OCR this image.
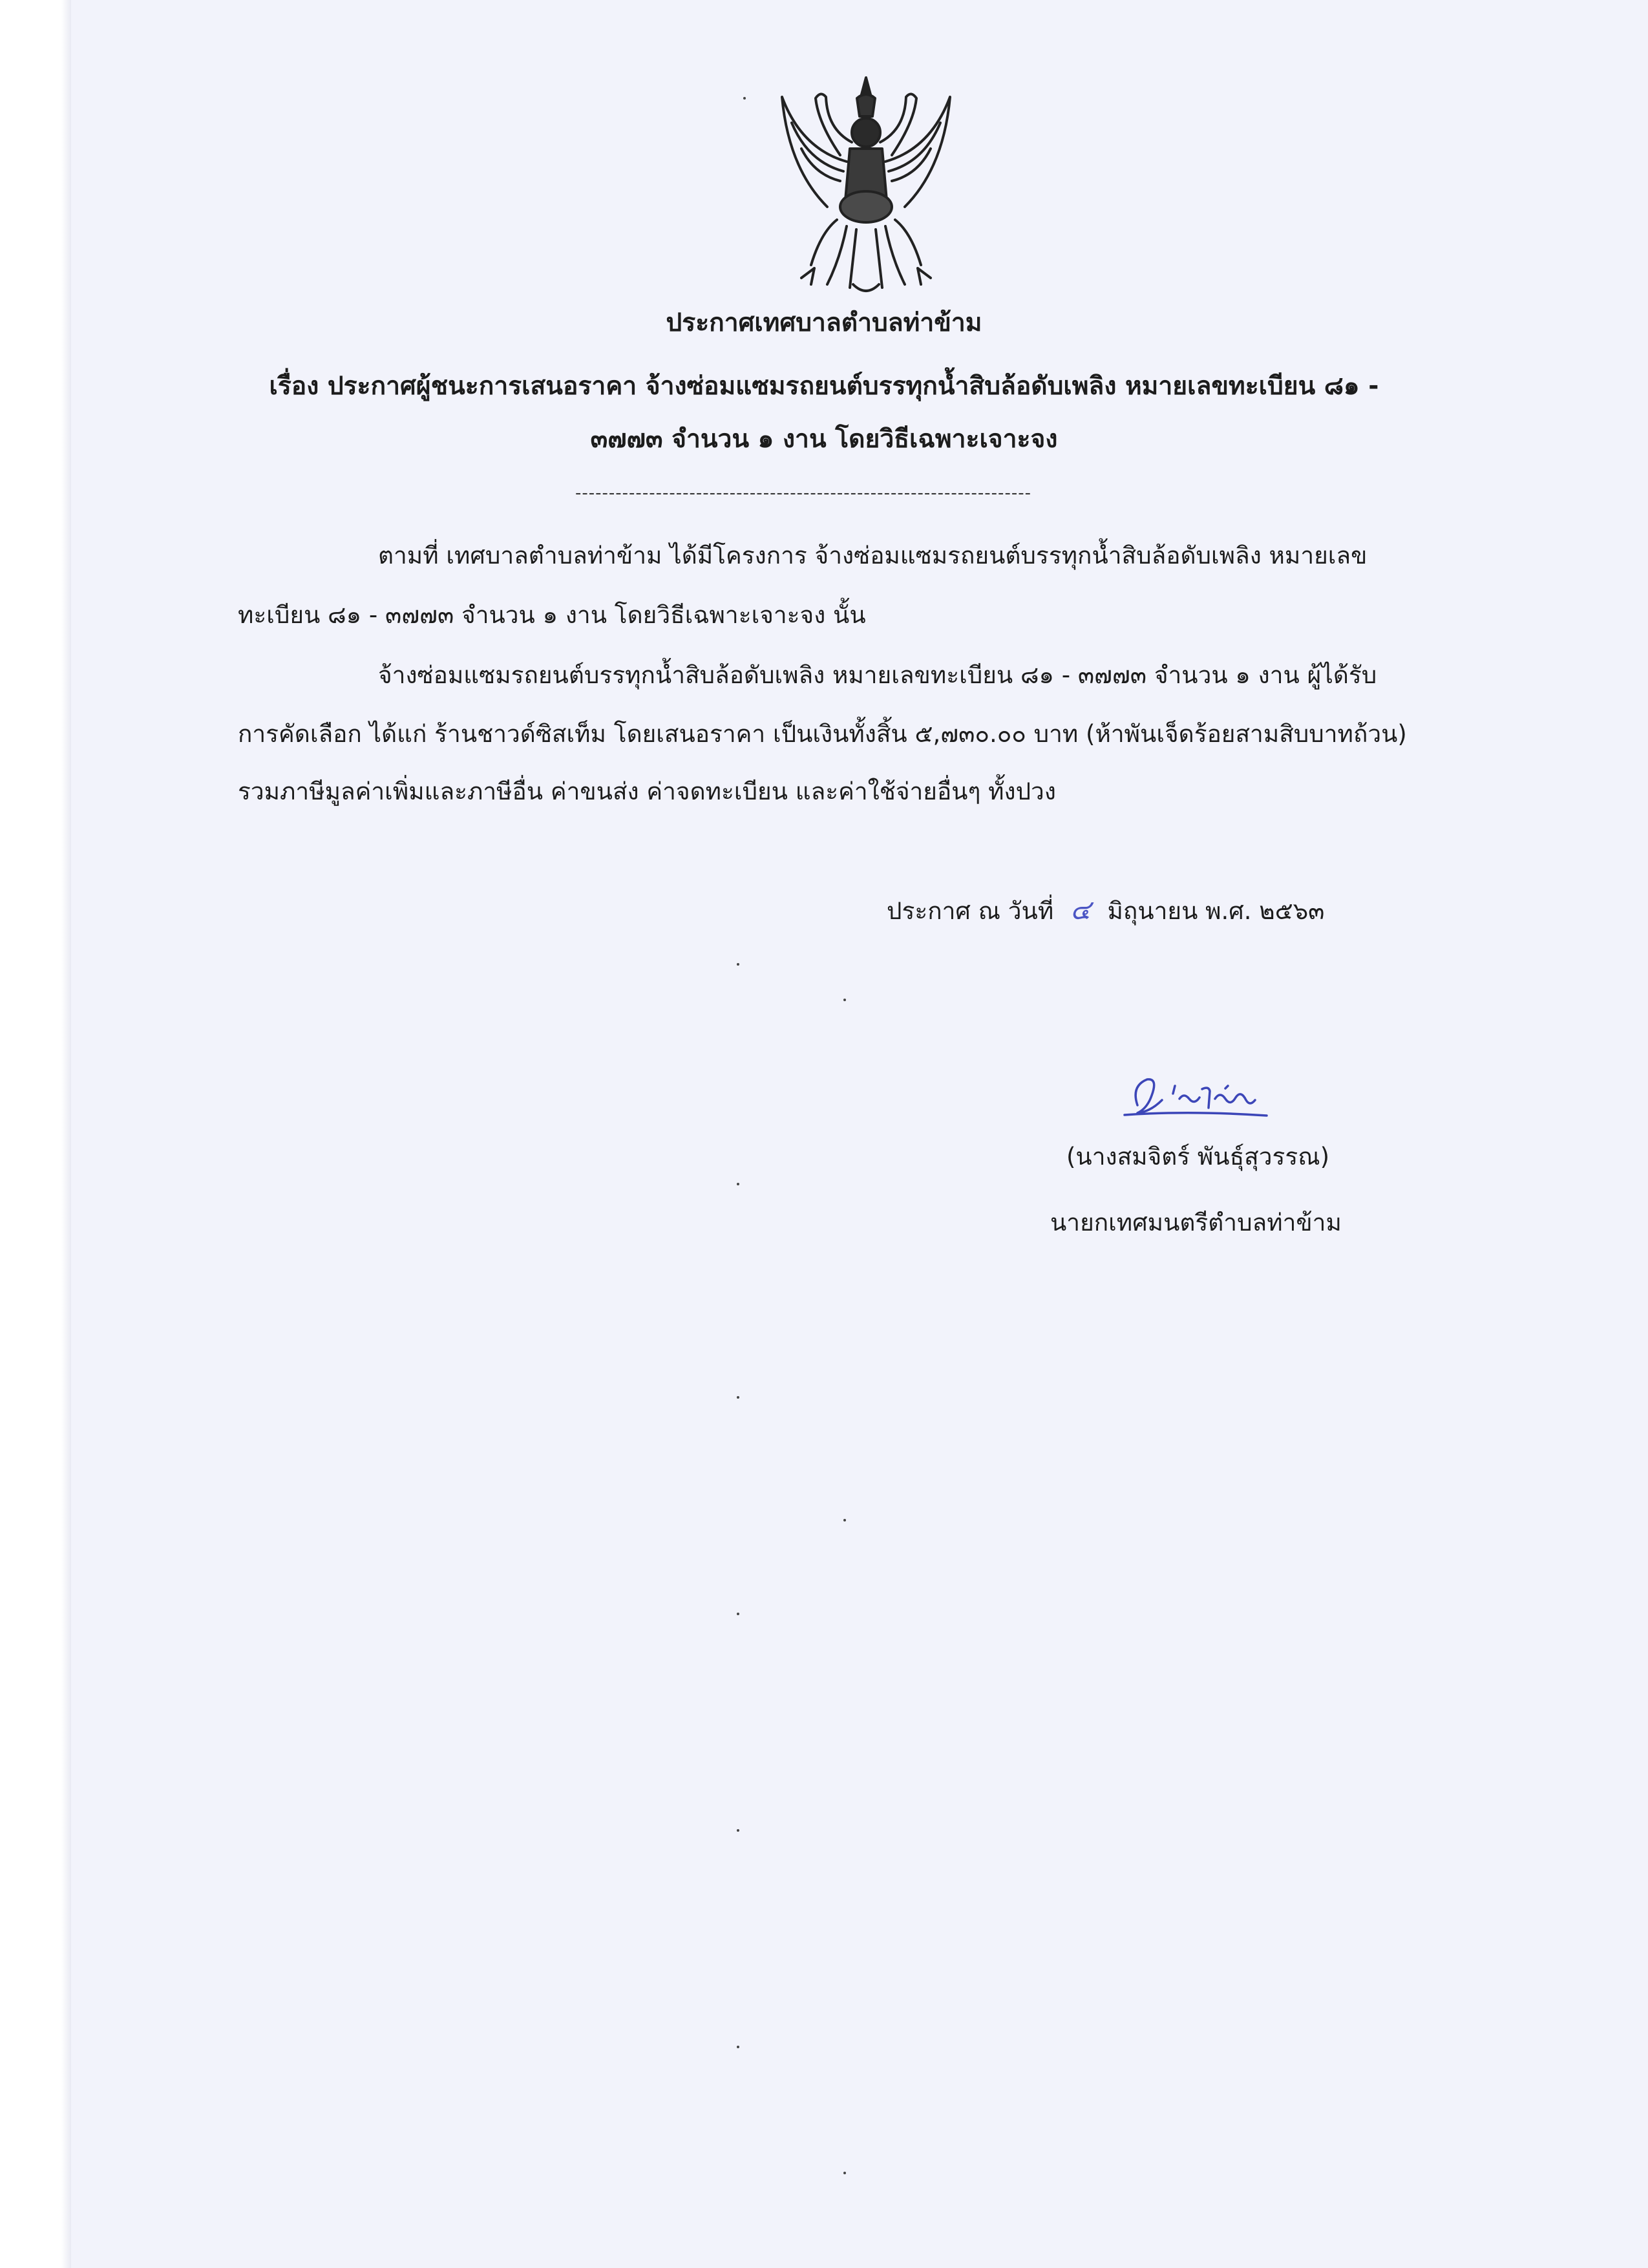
ประกาศเทศบาลตำบลท่าข้าม
เรื่อง ประกาศผู้ชนะการเสนอราคา จ้างซ่อมแซมรถยนต์บรรทุกน้ำสิบล้อดับเพลิง หมายเลขทะเบียน ๘๑ -
๓๗๗๓ จำนวน ๑ งาน โดยวิธีเฉพาะเจาะจง
--------------------------------------------------------------------
ตามที่ เทศบาลตำบลท่าข้าม ได้มีโครงการ จ้างซ่อมแซมรถยนต์บรรทุกน้ำสิบล้อดับเพลิง หมายเลข
ทะเบียน ๘๑ - ๓๗๗๓ จำนวน ๑ งาน โดยวิธีเฉพาะเจาะจง นั้น
จ้างซ่อมแซมรถยนต์บรรทุกน้ำสิบล้อดับเพลิง หมายเลขทะเบียน ๘๑ - ๓๗๗๓ จำนวน ๑ งาน ผู้ได้รับ
การคัดเลือก ได้แก่ ร้านชาวด์ซิสเท็ม โดยเสนอราคา เป็นเงินทั้งสิ้น ๕,๗๓๐.๐๐ บาท (ห้าพันเจ็ดร้อยสามสิบบาทถ้วน)
รวมภาษีมูลค่าเพิ่มและภาษีอื่น ค่าขนส่ง ค่าจดทะเบียน และค่าใช้จ่ายอื่นๆ ทั้งปวง
ประกาศ ณ วันที่ ๔ มิถุนายน พ.ศ. ๒๕๖๓
(นางสมจิตร์ พันธุ์สุวรรณ)
นายกเทศมนตรีตำบลท่าข้าม
